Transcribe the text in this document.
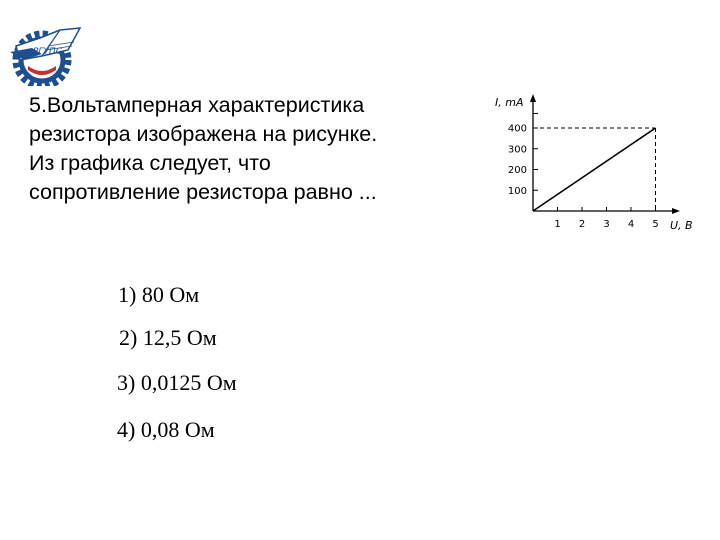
РГУПС
5.Вольтамперная характеристика
резистора изображена на рисунке.
Из графика следует, что
сопротивление резистора равно ...
1) 80 Ом
2) 12,5 Ом
3) 0,0125 Ом
4) 0,08 Ом
I, mA
U, В
1 2 3 4 5
100
200
300
400
